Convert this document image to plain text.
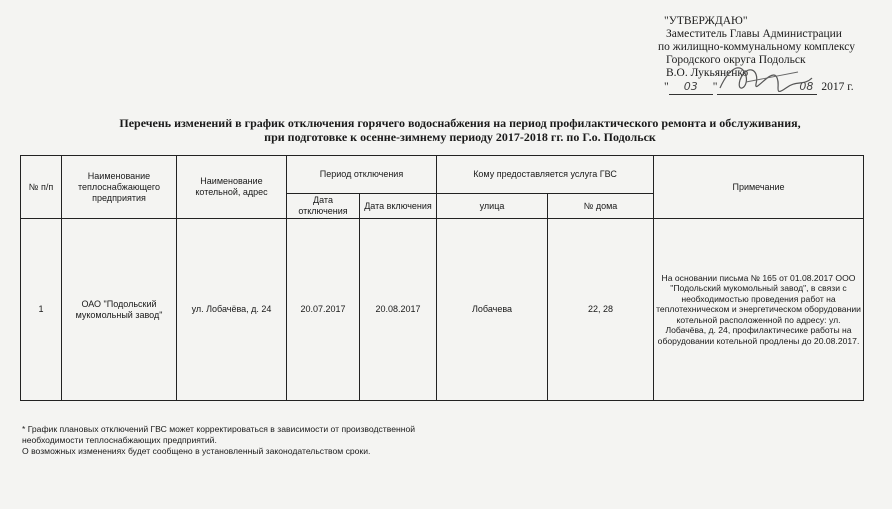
"УТВЕРЖДАЮ"
Заместитель Главы Администрации
по жилищно-коммунальному комплексу
Городского округа Подольск
В.О. Лукьяненко
"	03	"	08 2017 г.
Перечень изменений в график отключения горячего водоснабжения на период профилактического ремонта и обслуживания,
при подготовке к осенне-зимнему периоду 2017-2018 гг. по Г.о. Подольск
№ п/п	Наименование теплоснабжающего предприятия	Наименование котельной, адрес	Период отключения		Кому предоставляется услуга ГВС		Примечание
			Дата отключения	Дата включения	улица	№ дома	
1	ОАО "Подольский мукомольный завод"	ул. Лобачёва, д. 24	20.07.2017	20.08.2017	Лобачева	22, 28	На основании письма № 165 от 01.08.2017 ООО "Подольский мукомольный завод", в связи с необходимостью проведения работ на теплотехническом и энергетическом оборудовании котельной расположенной по адресу: ул. Лобачёва, д. 24, профилактичесике работы на оборудовании котельной продлены до 20.08.2017.
* График плановых отключений ГВС может корректироваться в зависимости от производственной
необходимости теплоснабжающих предприятий.
О возможных изменениях будет сообщено в установленный законодательством сроки.
